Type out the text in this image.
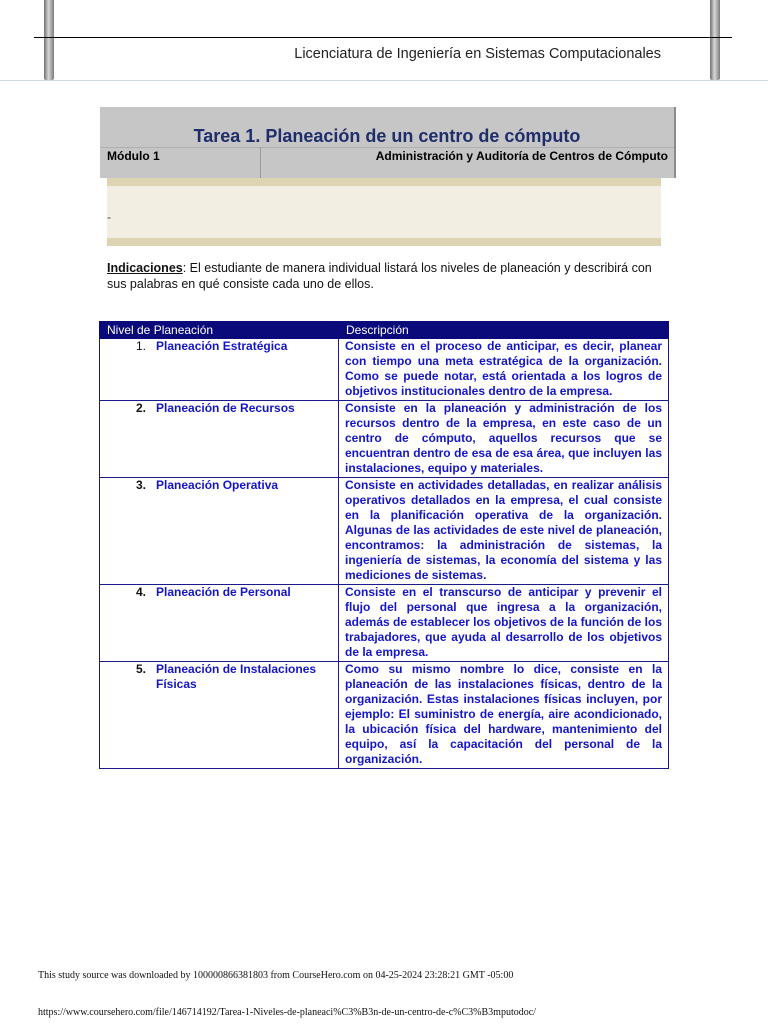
Licenciatura de Ingeniería en Sistemas Computacionales
Tarea 1. Planeación de un centro de cómputo
Módulo 1	Administración y Auditoría de Centros de Cómputo
-
Indicaciones: El estudiante de manera individual listará los niveles de planeación y describirá con sus palabras en qué consiste cada uno de ellos.
Nivel de Planeación	Descripción

1. Planeación Estratégica	Consiste en el proceso de anticipar, es decir, planear con tiempo una meta estratégica de la organización. Como se puede notar, está orientada a los logros de objetivos institucionales dentro de la empresa.

2. Planeación de Recursos	Consiste en la planeación y administración de los recursos dentro de la empresa, en este caso de un centro de cómputo, aquellos recursos que se encuentran dentro de esa de esa área, que incluyen las instalaciones, equipo y materiales.

3. Planeación Operativa	Consiste en actividades detalladas, en realizar análisis operativos detallados en la empresa, el cual consiste en la planificación operativa de la organización. Algunas de las actividades de este nivel de planeación, encontramos: la administración de sistemas, la ingeniería de sistemas, la economía del sistema y las mediciones de sistemas.

4. Planeación de Personal	Consiste en el transcurso de anticipar y prevenir el flujo del personal que ingresa a la organización, además de establecer los objetivos de la función de los trabajadores, que ayuda al desarrollo de los objetivos de la empresa.

5. Planeación de Instalaciones Físicas	Como su mismo nombre lo dice, consiste en la planeación de las instalaciones físicas, dentro de la organización. Estas instalaciones físicas incluyen, por ejemplo: El suministro de energía, aire acondicionado, la ubicación física del hardware, mantenimiento del equipo, así la capacitación del personal de la organización.
This study source was downloaded by 100000866381803 from CourseHero.com on 04-25-2024 23:28:21 GMT -05:00
https://www.coursehero.com/file/146714192/Tarea-1-Niveles-de-planeaci%C3%B3n-de-un-centro-de-c%C3%B3mputodoc/
